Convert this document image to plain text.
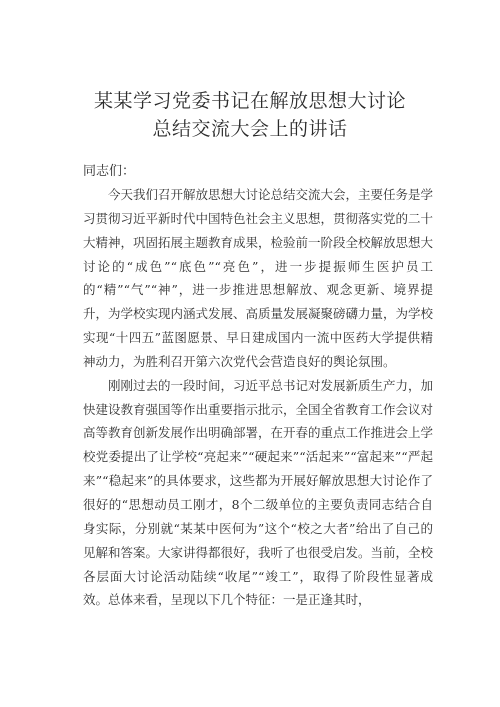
某某学习党委书记在解放思想大讨论
总结交流大会上的讲话
同志们：

今天我们召开解放思想大讨论总结交流大会，主要任务是学习贯彻习近平新时代中国特色社会主义思想，贯彻落实党的二十大精神，巩固拓展主题教育成果，检验前一阶段全校解放思想大讨论的“成色”“底色”“亮色”，进一步提振师生医护员工的“精”“气”“神”，进一步推进思想解放、观念更新、境界提升，为学校实现内涵式发展、高质量发展凝聚磅礴力量，为学校实现“十四五”蓝图愿景、早日建成国内一流中医药大学提供精神动力，为胜利召开第六次党代会营造良好的舆论氛围。

刚刚过去的一段时间，习近平总书记对发展新质生产力，加快建设教育强国等作出重要指示批示，全国全省教育工作会议对高等教育创新发展作出明确部署，在开春的重点工作推进会上学校党委提出了让学校“亮起来”“硬起来”“活起来”“富起来”“严起来”“稳起来”的具体要求，这些都为开展好解放思想大讨论作了很好的“思想动员工刚才，8个二级单位的主要负责同志结合自身实际，分别就“某某中医何为”这个“校之大者”给出了自己的见解和答案。大家讲得都很好，我听了也很受启发。当前，全校各层面大讨论活动陆续“收尾”“竣工”，取得了阶段性显著成效。总体来看，呈现以下几个特征：一是正逢其时，
